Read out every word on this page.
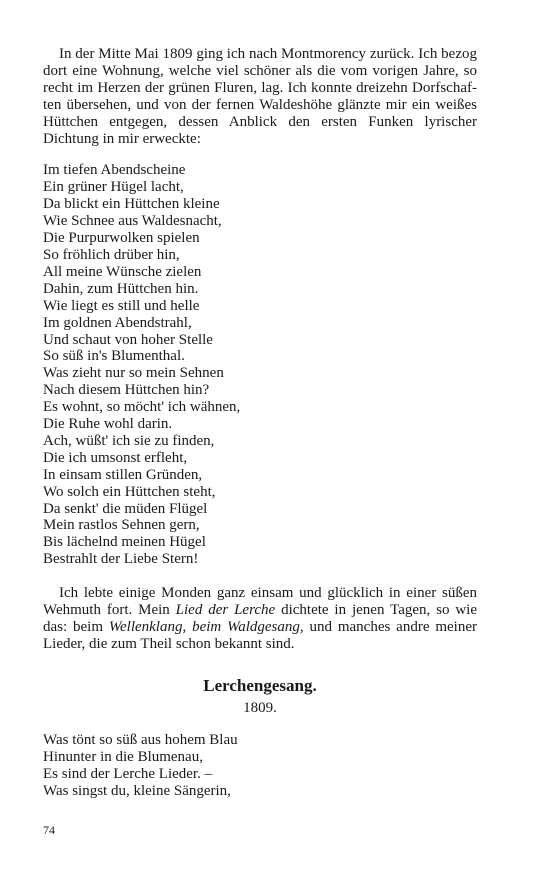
In der Mitte Mai 1809 ging ich nach Montmorency zurück. Ich bezog dort eine Wohnung, welche viel schöner als die vom vorigen Jahre, so recht im Herzen der grünen Fluren, lag. Ich konnte dreizehn Dorfschaften übersehen, und von der fernen Waldeshöhe glänzte mir ein weißes Hüttchen entgegen, dessen Anblick den ersten Funken lyrischer Dichtung in mir erweckte:

Im tiefen Abendscheine
Ein grüner Hügel lacht,
Da blickt ein Hüttchen kleine
Wie Schnee aus Waldesnacht,
Die Purpurwolken spielen
So fröhlich drüber hin,
All meine Wünsche zielen
Dahin, zum Hüttchen hin.
Wie liegt es still und helle
Im goldnen Abendstrahl,
Und schaut von hoher Stelle
So süß in's Blumenthal.
Was zieht nur so mein Sehnen
Nach diesem Hüttchen hin?
Es wohnt, so möcht' ich wähnen,
Die Ruhe wohl darin.
Ach, wüßt' ich sie zu finden,
Die ich umsonst erfleht,
In einsam stillen Gründen,
Wo solch ein Hüttchen steht,
Da senkt' die müden Flügel
Mein rastlos Sehnen gern,
Bis lächelnd meinen Hügel
Bestrahlt der Liebe Stern!

Ich lebte einige Monden ganz einsam und glücklich in einer süßen Wehmuth fort. Mein Lied der Lerche dichtete in jenen Tagen, so wie das: beim Wellenklang, beim Waldgesang, und manches andre meiner Lieder, die zum Theil schon bekannt sind.

Lerchengesang.
1809.
Was tönt so süß aus hohem Blau
Hinunter in die Blumenau,
Es sind der Lerche Lieder. –
Was singst du, kleine Sängerin,
74
